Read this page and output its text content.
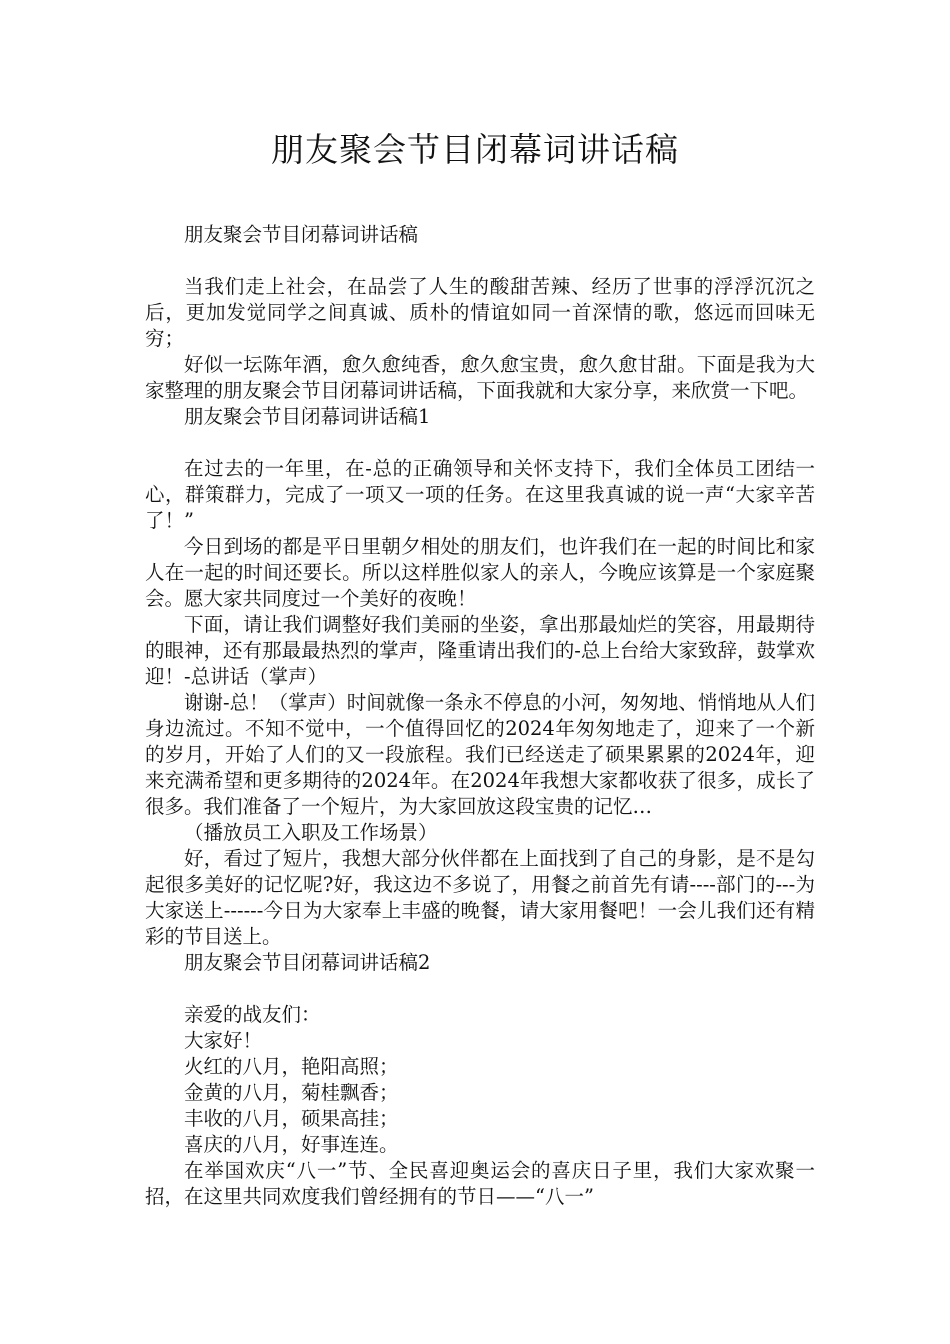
朋友聚会节目闭幕词讲话稿

朋友聚会节目闭幕词讲话稿

当我们走上社会，在品尝了人生的酸甜苦辣、经历了世事的浮浮沉沉之后，更加发觉同学之间真诚、质朴的情谊如同一首深情的歌，悠远而回味无穷；

好似一坛陈年酒，愈久愈纯香，愈久愈宝贵，愈久愈甘甜。下面是我为大家整理的朋友聚会节目闭幕词讲话稿，下面我就和大家分享，来欣赏一下吧。

朋友聚会节目闭幕词讲话稿1

在过去的一年里，在-总的正确领导和关怀支持下，我们全体员工团结一心，群策群力，完成了一项又一项的任务。在这里我真诚的说一声“大家辛苦了！”

今日到场的都是平日里朝夕相处的朋友们，也许我们在一起的时间比和家人在一起的时间还要长。所以这样胜似家人的亲人，今晚应该算是一个家庭聚会。愿大家共同度过一个美好的夜晚！

下面，请让我们调整好我们美丽的坐姿，拿出那最灿烂的笑容，用最期待的眼神，还有那最最热烈的掌声，隆重请出我们的-总上台给大家致辞，鼓掌欢迎！-总讲话（掌声）

谢谢-总！（掌声）时间就像一条永不停息的小河，匆匆地、悄悄地从人们身边流过。不知不觉中，一个值得回忆的2024年匆匆地走了，迎来了一个新的岁月，开始了人们的又一段旅程。我们已经送走了硕果累累的2024年，迎来充满希望和更多期待的2024年。在2024年我想大家都收获了很多，成长了很多。我们准备了一个短片，为大家回放这段宝贵的记忆…

（播放员工入职及工作场景）

好，看过了短片，我想大部分伙伴都在上面找到了自己的身影，是不是勾起很多美好的记忆呢?好，我这边不多说了，用餐之前首先有请----部门的---为大家送上------今日为大家奉上丰盛的晚餐，请大家用餐吧！一会儿我们还有精彩的节目送上。

朋友聚会节目闭幕词讲话稿2

亲爱的战友们：

大家好！

火红的八月，艳阳高照；

金黄的八月，菊桂飘香；

丰收的八月，硕果高挂；

喜庆的八月，好事连连。

在举国欢庆“八一”节、全民喜迎奥运会的喜庆日子里，我们大家欢聚一招，在这里共同欢度我们曾经拥有的节日——“八一”
